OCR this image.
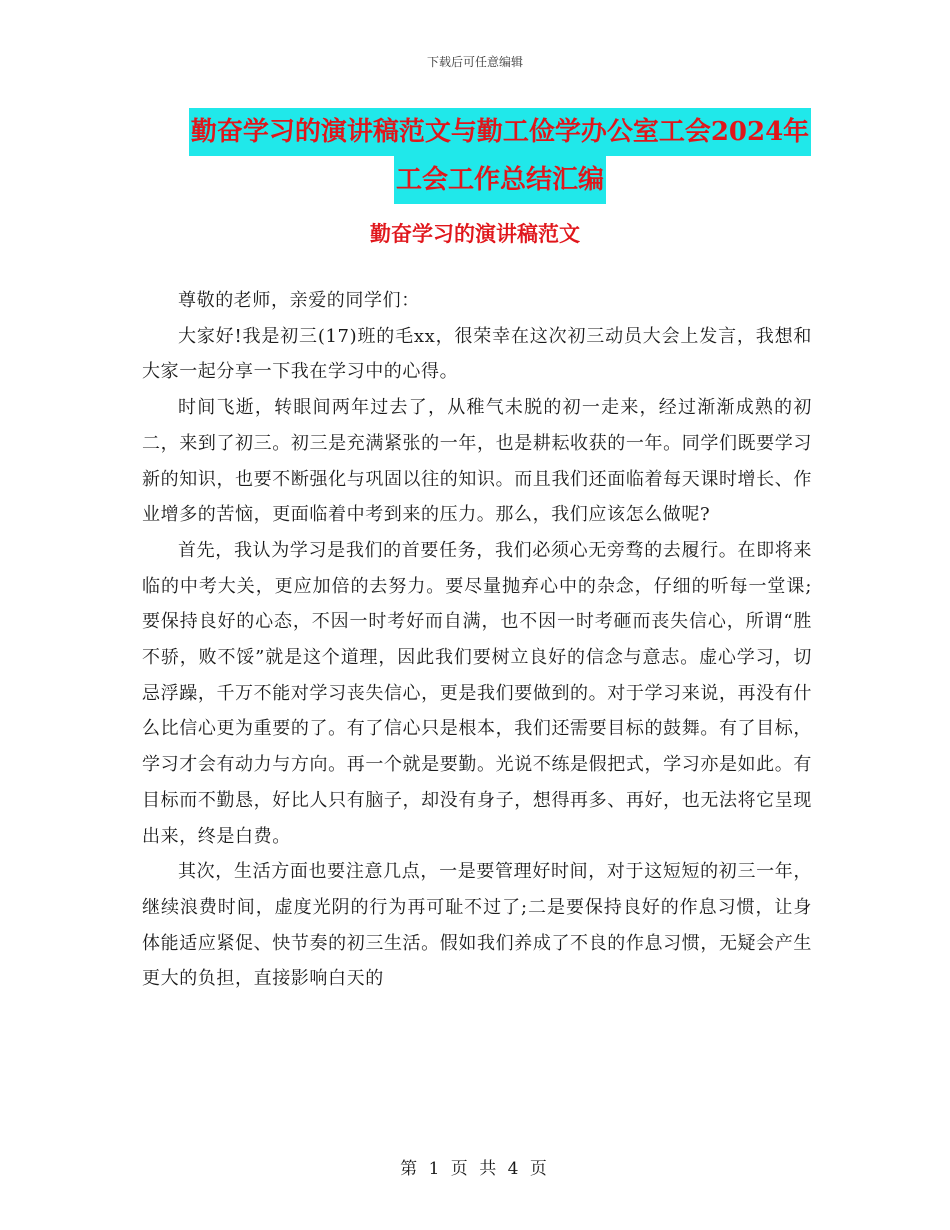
下载后可任意编辑
勤奋学习的演讲稿范文与勤工俭学办公室工会2024年
工会工作总结汇编
勤奋学习的演讲稿范文

尊敬的老师，亲爱的同学们：

大家好!我是初三(17)班的毛xx，很荣幸在这次初三动员大会上发言，我想和大家一起分享一下我在学习中的心得。

时间飞逝，转眼间两年过去了，从稚气未脱的初一走来，经过渐渐成熟的初二，来到了初三。初三是充满紧张的一年，也是耕耘收获的一年。同学们既要学习新的知识，也要不断强化与巩固以往的知识。而且我们还面临着每天课时增长、作业增多的苦恼，更面临着中考到来的压力。那么，我们应该怎么做呢?

首先，我认为学习是我们的首要任务，我们必须心无旁骛的去履行。在即将来临的中考大关，更应加倍的去努力。要尽量抛弃心中的杂念，仔细的听每一堂课;要保持良好的心态，不因一时考好而自满，也不因一时考砸而丧失信心，所谓“胜不骄，败不馁”就是这个道理，因此我们要树立良好的信念与意志。虚心学习，切忌浮躁，千万不能对学习丧失信心，更是我们要做到的。对于学习来说，再没有什么比信心更为重要的了。有了信心只是根本，我们还需要目标的鼓舞。有了目标，学习才会有动力与方向。再一个就是要勤。光说不练是假把式，学习亦是如此。有目标而不勤恳，好比人只有脑子，却没有身子，想得再多、再好，也无法将它呈现出来，终是白费。

其次，生活方面也要注意几点，一是要管理好时间，对于这短短的初三一年，继续浪费时间，虚度光阴的行为再可耻不过了;二是要保持良好的作息习惯，让身体能适应紧促、快节奏的初三生活。假如我们养成了不良的作息习惯，无疑会产生更大的负担，直接影响白天的

第 1 页 共 4 页
